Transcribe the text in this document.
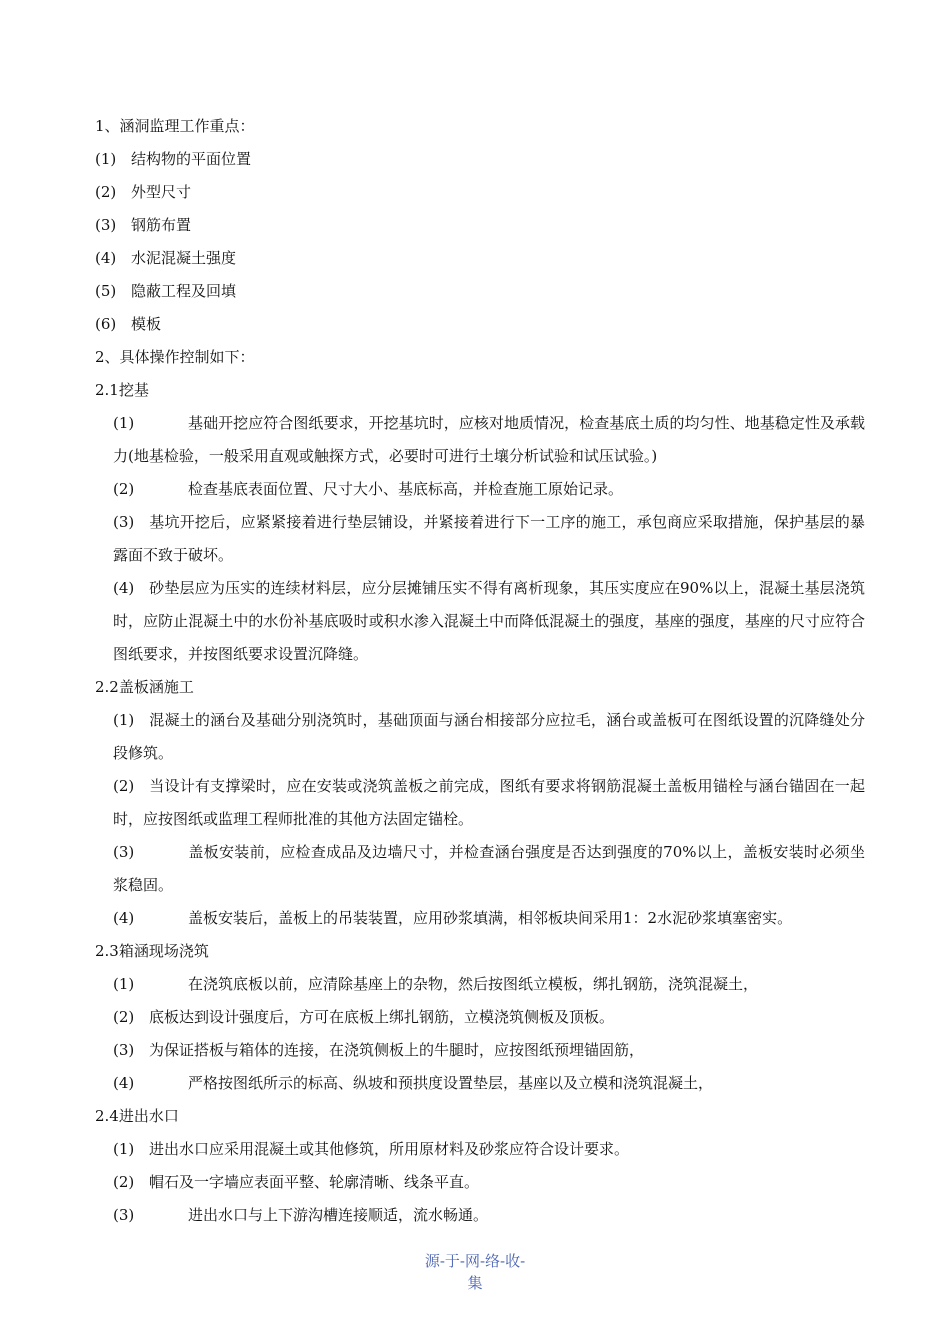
1、涵洞监理工作重点：

(1) 结构物的平面位置

(2) 外型尺寸

(3) 钢筋布置

(4) 水泥混凝土强度

(5) 隐蔽工程及回填

(6) 模板

2、具体操作控制如下：

2.1挖基

(1)	基础开挖应符合图纸要求，开挖基坑时，应核对地质情况，检查基底土质的均匀性、地基稳定性及承载力(地基检验，一般采用直观或触探方式，必要时可进行土壤分析试验和试压试验。)

(2)	检查基底表面位置、尺寸大小、基底标高，并检查施工原始记录。

(3) 基坑开挖后，应紧紧接着进行垫层铺设，并紧接着进行下一工序的施工，承包商应采取措施，保护基层的暴露面不致于破坏。

(4) 砂垫层应为压实的连续材料层，应分层摊铺压实不得有离析现象，其压实度应在90%以上，混凝土基层浇筑时，应防止混凝土中的水份补基底吸时或积水渗入混凝土中而降低混凝土的强度，基座的强度，基座的尺寸应符合图纸要求，并按图纸要求设置沉降缝。

2.2盖板涵施工

(1) 混凝土的涵台及基础分别浇筑时，基础顶面与涵台相接部分应拉毛，涵台或盖板可在图纸设置的沉降缝处分段修筑。

(2) 当设计有支撑梁时，应在安装或浇筑盖板之前完成，图纸有要求将钢筋混凝土盖板用锚栓与涵台锚固在一起时，应按图纸或监理工程师批准的其他方法固定锚栓。

(3)	盖板安装前，应检查成品及边墙尺寸，并检查涵台强度是否达到强度的70%以上，盖板安装时必须坐浆稳固。

(4)	盖板安装后，盖板上的吊装装置，应用砂浆填满，相邻板块间采用1：2水泥砂浆填塞密实。

2.3箱涵现场浇筑

(1)	在浇筑底板以前，应清除基座上的杂物，然后按图纸立模板，绑扎钢筋，浇筑混凝土，

(2) 底板达到设计强度后，方可在底板上绑扎钢筋，立模浇筑侧板及顶板。

(3) 为保证搭板与箱体的连接，在浇筑侧板上的牛腿时，应按图纸预埋锚固筋，

(4)	严格按图纸所示的标高、纵坡和预拱度设置垫层，基座以及立模和浇筑混凝土，

2.4进出水口

(1) 进出水口应采用混凝土或其他修筑，所用原材料及砂浆应符合设计要求。

(2) 帽石及一字墙应表面平整、轮廓清晰、线条平直。

(3)	进出水口与上下游沟槽连接顺适，流水畅通。

源-于-网-络-收-
集
